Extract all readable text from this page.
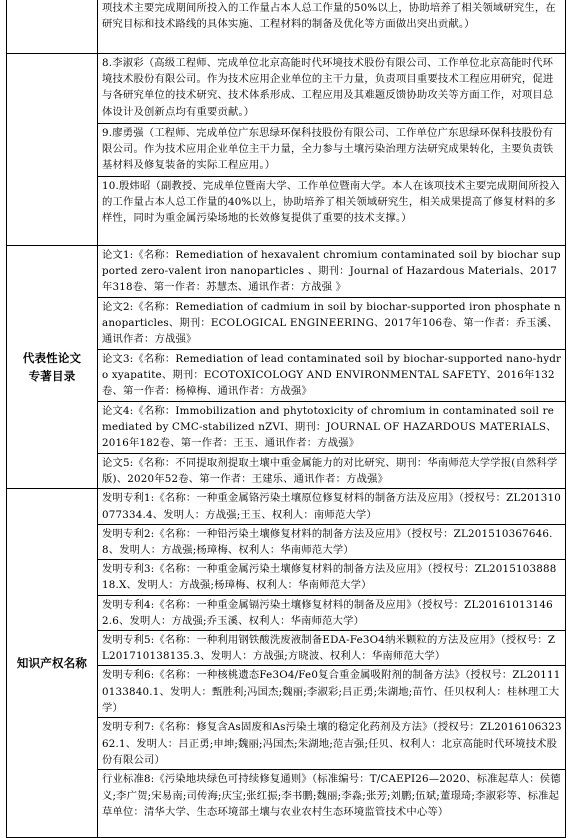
	项技术主要完成期间所投入的工作量占本人总工作量的50%以上，协助培养了相关领域研究生，在研究目标和技术路线的具体实施、工程材料的制备及优化等方面做出突出贡献。）
	8.李淑彩（高级工程师、完成单位北京高能时代环境技术股份有限公司、工作单位北京高能时代环境技术股份有限公司。作为技术应用企业单位的主干力量，负责项目重要技术工程应用研究，促进与各研究单位的技术研究、技术体系形成、工程应用及其难题反馈协助攻关等方面工作，对项目总体设计及创新点均有重要贡献。）
	9.廖勇强（工程师、完成单位广东思绿环保科技股份有限公司、工作单位广东思绿环保科技股份有限公司。作为技术应用企业单位主干力量，全力参与土壤污染治理方法研究成果转化，主要负责铁基材料及修复装备的实际工程应用。）
	10.殷炜昭（副教授、完成单位暨南大学、工作单位暨南大学。本人在该项技术主要完成期间所投入的工作量占本人总工作量的40%以上，协助培养了相关领域研究生，相关成果提高了修复材料的多样性，同时为重金属污染场地的长效修复提供了重要的技术支撑。）

代表性论文
专著目录	论文1:《名称：Remediation of hexavalent chromium contaminated soil by biochar supported zero-valent iron nanoparticles 、期刊：Journal of Hazardous Materials、2017年318卷、第一作者：苏慧杰、通讯作者：方战强 》
	论文2:《名称：Remediation of cadmium in soil by biochar-supported iron phosphate nanoparticles、期刊：ECOLOGICAL ENGINEERING、2017年106卷、第一作者：乔玉溪、通讯作者：方战强》
	论文3:《名称：Remediation of lead contaminated soil by biochar-supported nano-hydro xyapatite、期刊：ECOTOXICOLOGY AND ENVIRONMENTAL SAFETY、2016年132卷、第一作者：杨樟梅、通讯作者：方战强》
	论文4:《名称：Immobilization and phytotoxicity of chromium in contaminated soil remediated by CMC-stabilized nZVI、期刊：JOURNAL OF HAZARDOUS MATERIALS、2016年182卷、第一作者：王玉、通讯作者：方战强》
	论文5:《名称：不同提取剂提取土壤中重金属能力的对比研究、期刊：华南师范大学学报(自然科学版)、2020年52卷、第一作者：王建乐、通讯作者：方战强》

知识产权名称	发明专利1:《名称：一种重金属铬污染土壤原位修复材料的制备方法及应用》（授权号：ZL201310077334.4、发明人：方战强;王玉、权利人：南师范大学）
	发明专利2:《名称：一种铅污染土壤修复材料的制备方法及应用》（授权号：ZL201510367646.8、发明人：方战强;杨璋梅、权利人：华南师范大学）
	发明专利3:《名称：一种重金属污染土壤修复材料的制备方法及应用》（授权号：ZL201510388818.X、发明人：方战强;杨璋梅、权利人：华南师范大学）
	发明专利4:《名称：一种重金属镉污染土壤修复材料的制备及应用》（授权号：ZL201610131462.6、发明人：方战强;乔玉溪、权利人：华南师范大学）
	发明专利5:《名称：一种利用钢铁酸洗废液制备EDA-Fe3O4纳米颗粒的方法及应用》（授权号：ZL201710138135.3、发明人：方战强;方晓波、权利人：华南师范大学）
	发明专利6:《名称：一种核桃遗态Fe3O4/Fe0复合重金属吸附剂的制备方法》（授权号：ZL201110133840.1、发明人：甄胜利;冯国杰;魏丽;李淑彩;吕正勇;朱湖地;苗竹、任贝权利人：桂林理工大学）
	发明专利7:《名称：修复含As固废和As污染土壤的稳定化药剂及方法》（授权号：ZL201610632362.1、发明人：吕正勇;申坤;魏丽;冯国杰;朱湖地;范吉强;任贝、权利人：北京高能时代环境技术股份有限公司）
	行业标准8:《污染地块绿色可持续修复通则》（标准编号：T/CAEPI26—2020、标准起草人：侯德义;李广贺;宋易南;司传海;庆宝;张红振;李书鹏;魏丽;李淼;张芳;刘鹏;伍斌;董璟琦;李淑彩等、标准起草单位：清华大学、生态环境部土壤与农业农村生态环境监管技术中心等）
